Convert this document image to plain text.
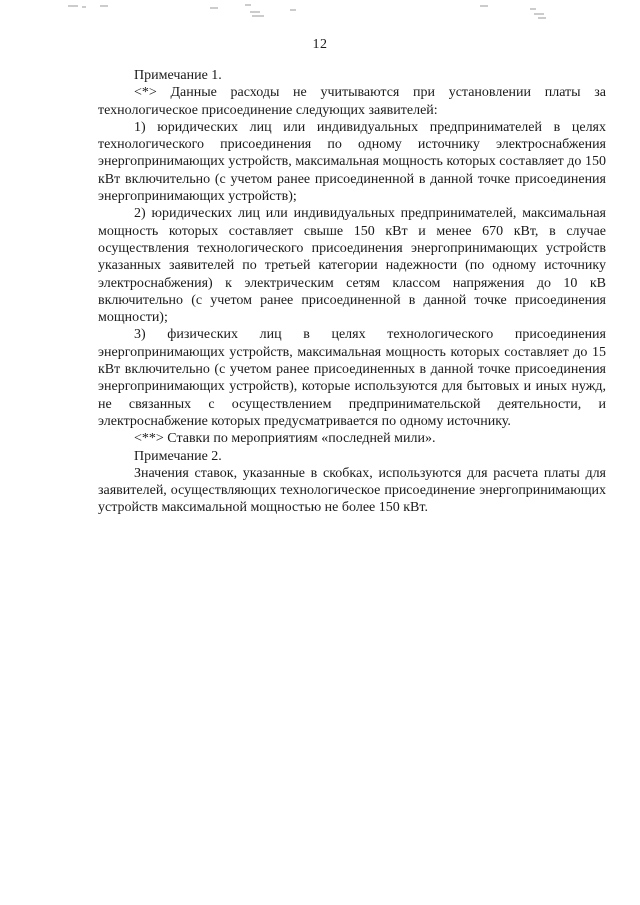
12

Примечание 1.

<*> Данные расходы не учитываются при установлении платы за технологическое присоединение следующих заявителей:

1) юридических лиц или индивидуальных предпринимателей в целях технологического присоединения по одному источнику электроснабжения энергопринимающих устройств, максимальная мощность которых составляет до 150 кВт включительно (с учетом ранее присоединенной в данной точке присоединения энергопринимающих устройств);

2) юридических лиц или индивидуальных предпринимателей, максимальная мощность которых составляет свыше 150 кВт и менее 670 кВт, в случае осуществления технологического присоединения энергопринимающих устройств указанных заявителей по третьей категории надежности (по одному источнику электроснабжения) к электрическим сетям классом напряжения до 10 кВ включительно (с учетом ранее присоединенной в данной точке присоединения мощности);

3) физических лиц в целях технологического присоединения энергопринимающих устройств, максимальная мощность которых составляет до 15 кВт включительно (с учетом ранее присоединенных в данной точке присоединения энергопринимающих устройств), которые используются для бытовых и иных нужд, не связанных с осуществлением предпринимательской деятельности, и электроснабжение которых предусматривается по одному источнику.

<**> Ставки по мероприятиям «последней мили».

Примечание 2.

Значения ставок, указанные в скобках, используются для расчета платы для заявителей, осуществляющих технологическое присоединение энергопринимающих устройств максимальной мощностью не более 150 кВт.
